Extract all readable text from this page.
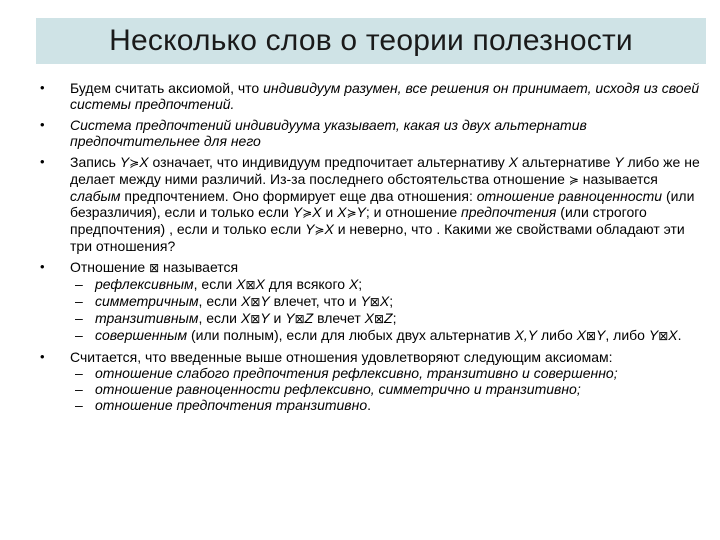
Несколько слов о теории полезности
• Будем считать аксиомой, что индивидуум разумен, все решения он принимает, исходя из своей системы предпочтений.
• Система предпочтений индивидуума указывает, какая из двух альтернатив предпочтительнее для него
• Запись Y≽X означает, что индивидуум предпочитает альтернативу X альтернативе Y либо же не делает между ними различий. Из-за последнего обстоятельства отношение ≽ называется слабым предпочтением. Оно формирует еще два отношения: отношение равноценности (или безразличия), если и только если Y≽X и X≽Y; и отношение предпочтения (или строгого предпочтения) , если и только если Y≽X и неверно, что . Какими же свойствами обладают эти три отношения?
• Отношение ⊠ называется
– рефлексивным, если X⊠X для всякого X;
– симметричным, если X⊠Y влечет, что и Y⊠X;
– транзитивным, если X⊠Y и Y⊠Z влечет X⊠Z;
– совершенным (или полным), если для любых двух альтернатив X,Y либо X⊠Y, либо Y⊠X.
• Считается, что введенные выше отношения удовлетворяют следующим аксиомам:
– отношение слабого предпочтения рефлексивно, транзитивно и совершенно;
– отношение равноценности рефлексивно, симметрично и транзитивно;
– отношение предпочтения транзитивно.
